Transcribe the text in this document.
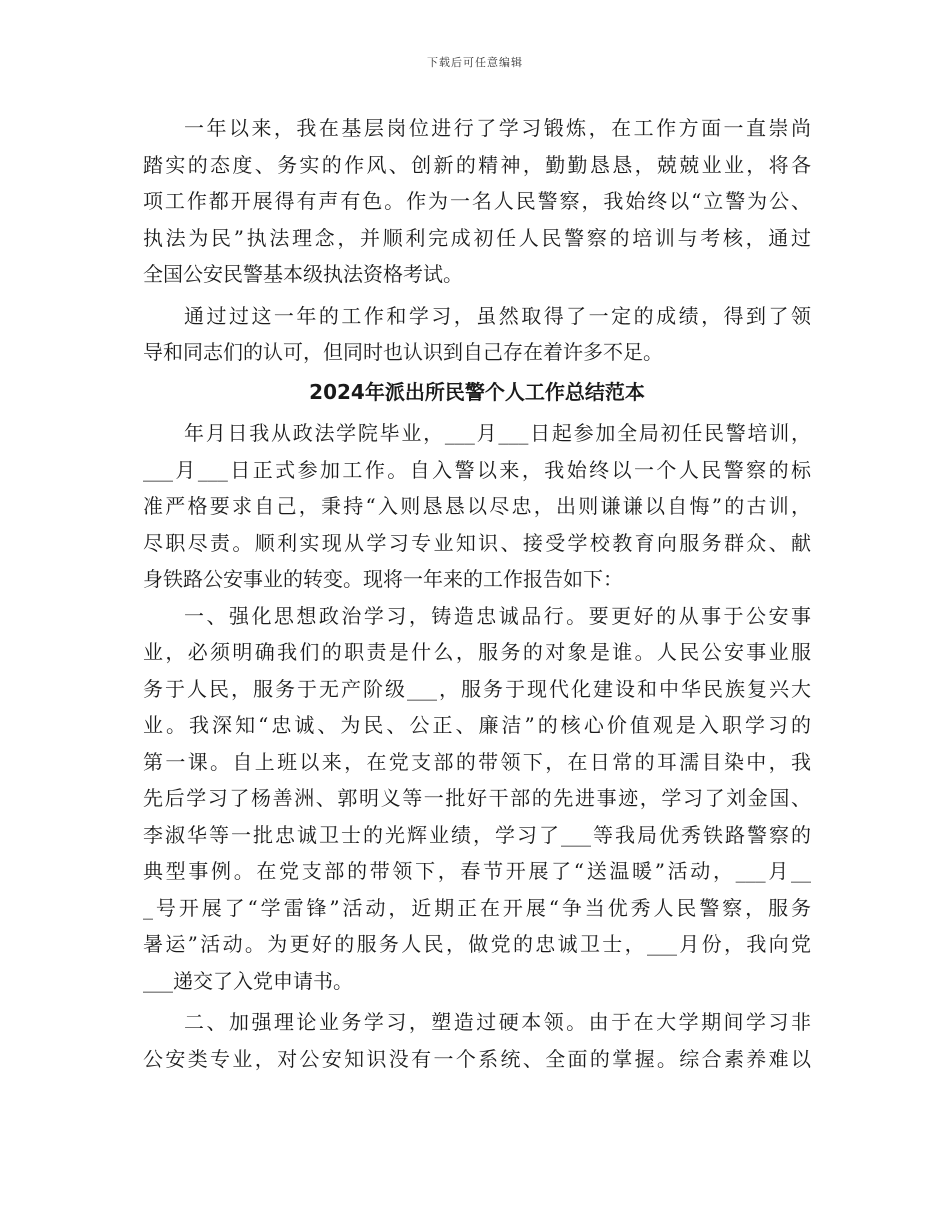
下载后可任意编辑
一年以来，我在基层岗位进行了学习锻炼，在工作方面一直崇尚
踏实的态度、务实的作风、创新的精神，勤勤恳恳，兢兢业业，将各
项工作都开展得有声有色。作为一名人民警察，我始终以“立警为公、
执法为民”执法理念，并顺利完成初任人民警察的培训与考核，通过
全国公安民警基本级执法资格考试。
通过过这一年的工作和学习，虽然取得了一定的成绩，得到了领
导和同志们的认可，但同时也认识到自己存在着许多不足。
2024年派出所民警个人工作总结范本
年月日我从政法学院毕业，___月___日起参加全局初任民警培训，
___月___日正式参加工作。自入警以来，我始终以一个人民警察的标
准严格要求自己，秉持“入则恳恳以尽忠，出则谦谦以自悔”的古训，
尽职尽责。顺利实现从学习专业知识、接受学校教育向服务群众、献
身铁路公安事业的转变。现将一年来的工作报告如下：
一、强化思想政治学习，铸造忠诚品行。要更好的从事于公安事
业，必须明确我们的职责是什么，服务的对象是谁。人民公安事业服
务于人民，服务于无产阶级___，服务于现代化建设和中华民族复兴大
业。我深知“忠诚、为民、公正、廉洁”的核心价值观是入职学习的
第一课。自上班以来，在党支部的带领下，在日常的耳濡目染中，我
先后学习了杨善洲、郭明义等一批好干部的先进事迹，学习了刘金国、
李淑华等一批忠诚卫士的光辉业绩，学习了___等我局优秀铁路警察的
典型事例。在党支部的带领下，春节开展了“送温暖”活动，___月__
_号开展了“学雷锋”活动，近期正在开展“争当优秀人民警察，服务
暑运”活动。为更好的服务人民，做党的忠诚卫士，___月份，我向党
___递交了入党申请书。
二、加强理论业务学习，塑造过硬本领。由于在大学期间学习非
公安类专业，对公安知识没有一个系统、全面的掌握。综合素养难以
